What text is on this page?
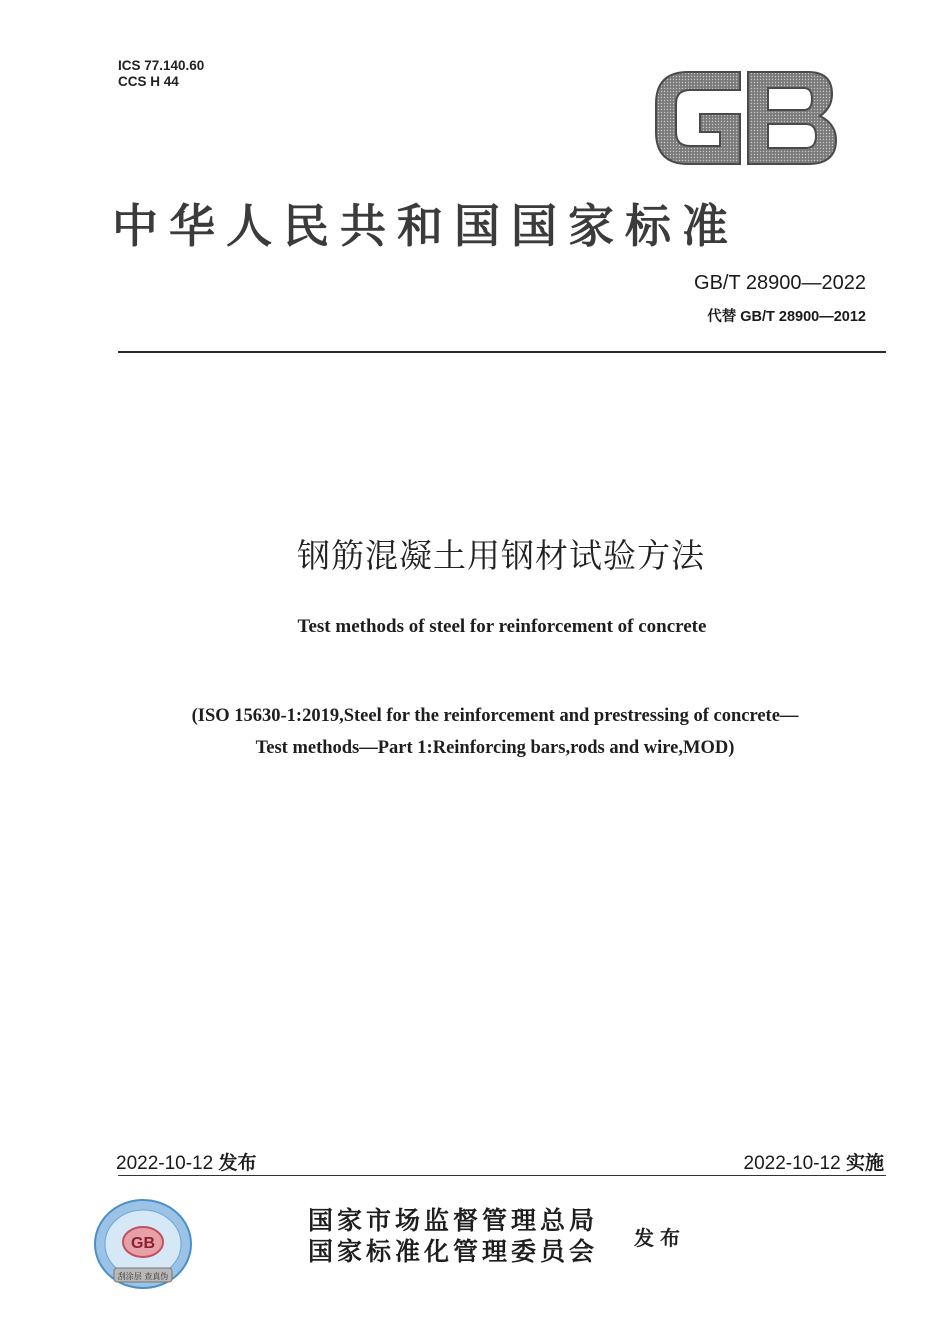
ICS 77.140.60
CCS H 44
中华人民共和国国家标准
GB/T 28900—2022
代替 GB/T 28900—2012
钢筋混凝土用钢材试验方法
Test methods of steel for reinforcement of concrete
(ISO 15630-1:2019,Steel for the reinforcement and prestressing of concrete—
Test methods—Part 1:Reinforcing bars,rods and wire,MOD)
2022-10-12 发布	2022-10-12 实施
GB
刮涂层 查真伪
国家市场监督管理总局
国家标准化管理委员会 发布
